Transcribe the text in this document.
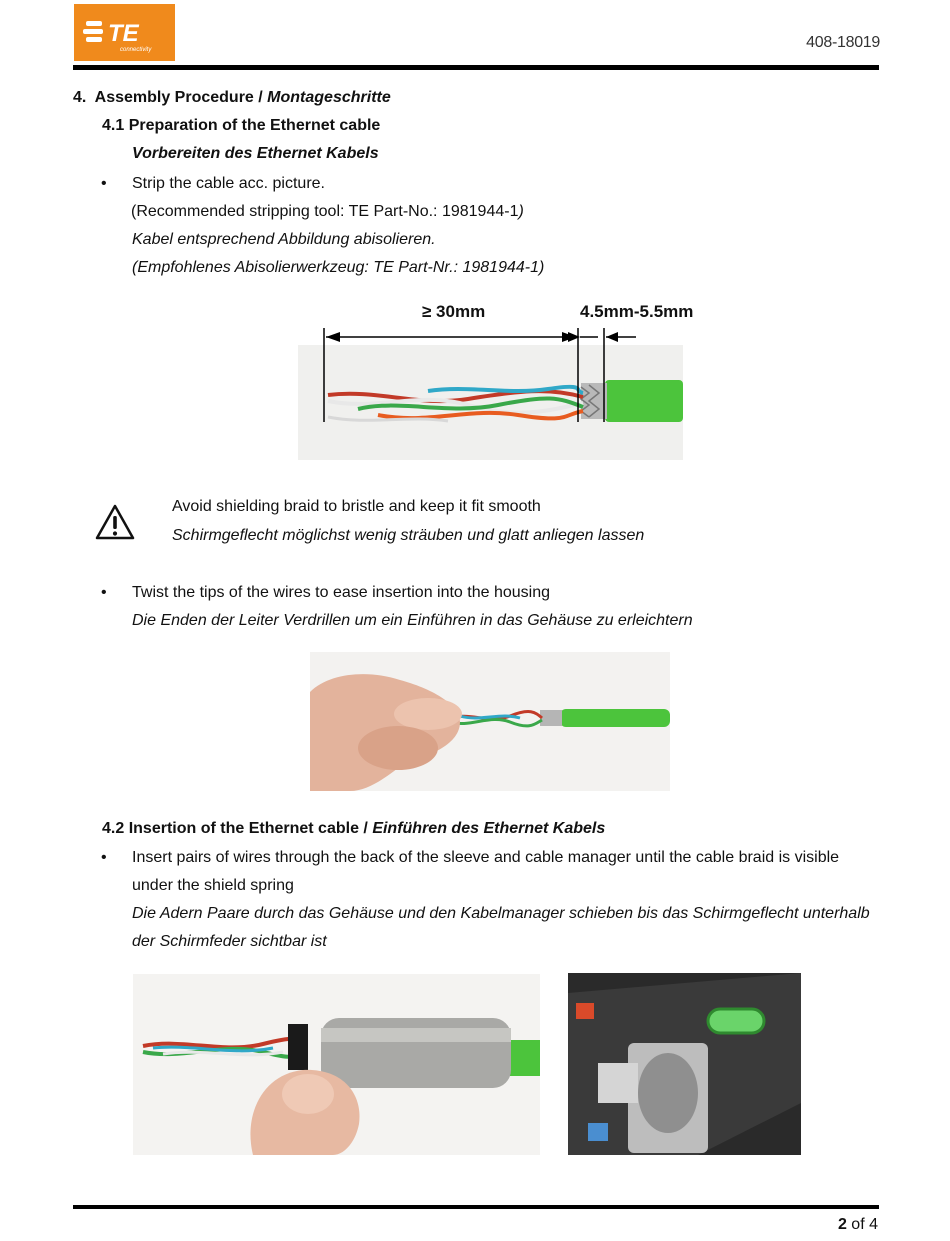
TE
connectivity	408-18019
4. Assembly Procedure / Montageschritte
4.1 Preparation of the Ethernet cable
Vorbereiten des Ethernet Kabels
• Strip the cable acc. picture.
(Recommended stripping tool: TE Part-No.: 1981944-1)
Kabel entsprechend Abbildung abisolieren.
(Empfohlenes Abisolierwerkzeug: TE Part-Nr.: 1981944-1)
≥ 30mm	4.5mm-5.5mm
Avoid shielding braid to bristle and keep it fit smooth
Schirmgeflecht möglichst wenig sträuben und glatt anliegen lassen
• Twist the tips of the wires to ease insertion into the housing
Die Enden der Leiter Verdrillen um ein Einführen in das Gehäuse zu erleichtern
4.2 Insertion of the Ethernet cable / Einführen des Ethernet Kabels
• Insert pairs of wires through the back of the sleeve and cable manager until the cable braid is visible
under the shield spring
Die Adern Paare durch das Gehäuse und den Kabelmanager schieben bis das Schirmgeflecht unterhalb
der Schirmfeder sichtbar ist
2 of 4
